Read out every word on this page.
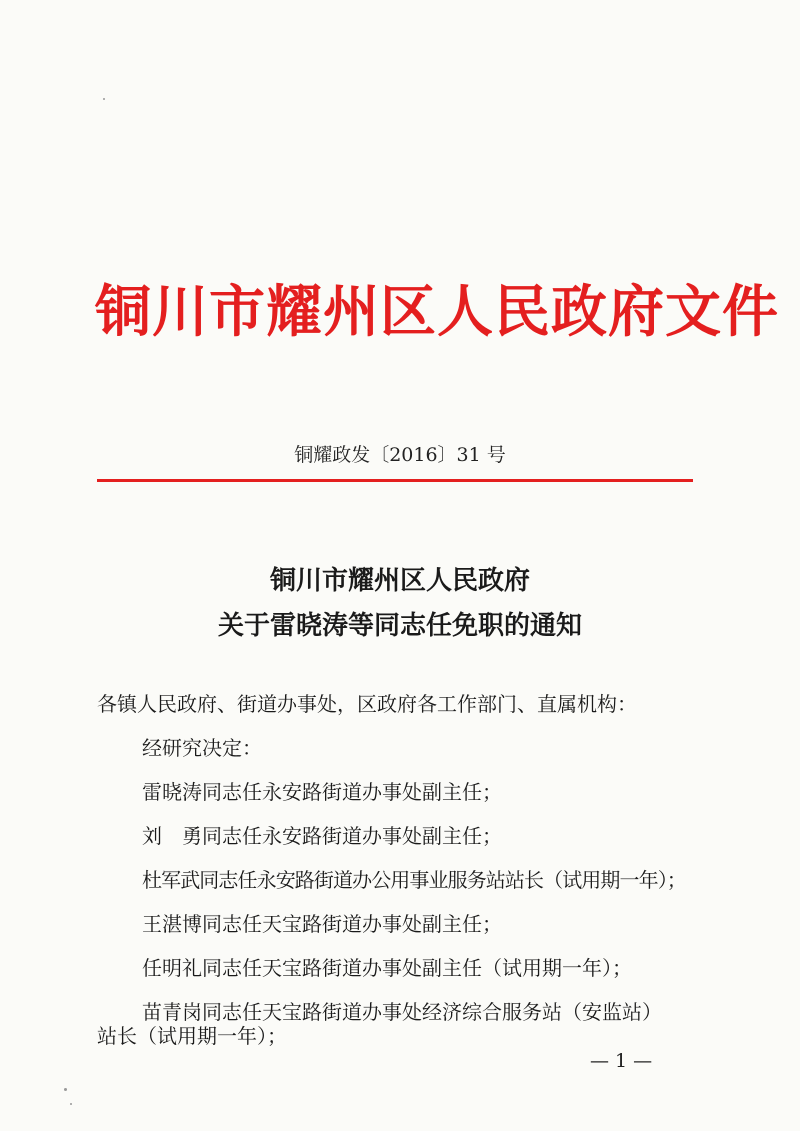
铜川市耀州区人民政府文件
铜耀政发〔2016〕31 号
铜川市耀州区人民政府
关于雷晓涛等同志任免职的通知
各镇人民政府、街道办事处，区政府各工作部门、直属机构：
经研究决定：
雷晓涛同志任永安路街道办事处副主任；
刘　勇同志任永安路街道办事处副主任；
杜军武同志任永安路街道办公用事业服务站站长（试用期一年）；
王湛博同志任天宝路街道办事处副主任；
任明礼同志任天宝路街道办事处副主任（试用期一年）；
苗青岗同志任天宝路街道办事处经济综合服务站（安监站）
站长（试用期一年）；
— 1 —
